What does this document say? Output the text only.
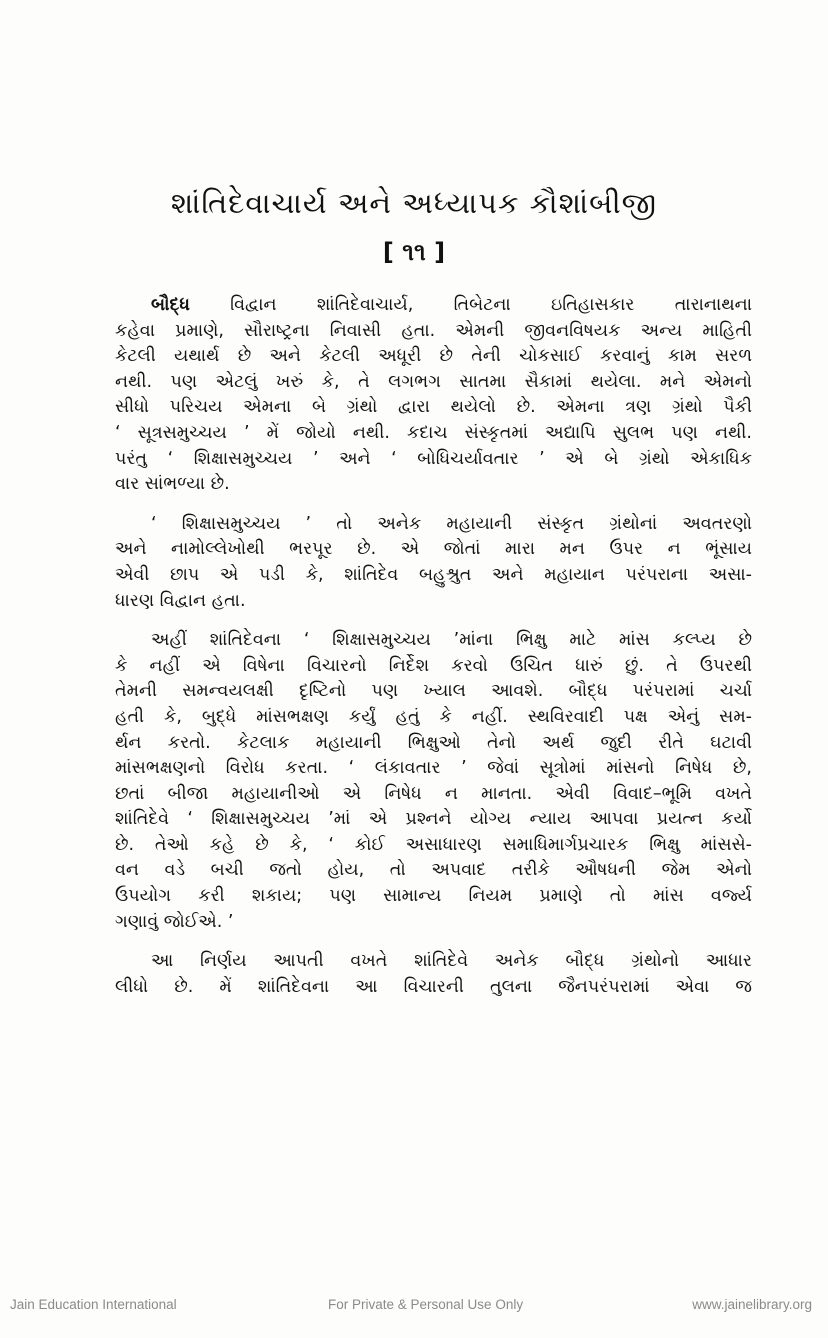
શાંતિદેવાચાર્ય અને અધ્યાપક કૌશાંબીજી
[ ૧૧ ]
બૌદ્ધ વિદ્વાન શાંતિદેવાચાર્ય, તિબેટના ઇતિહાસકાર તારાનાથના
કહેવા પ્રમાણે, સૌરાષ્ટ્રના નિવાસી હતા. એમની જીવનવિષયક અન્ય માહિતી
કેટલી યથાર્થ છે અને કેટલી અધૂરી છે તેની ચોકસાઈ કરવાનું કામ સરળ
નથી. પણ એટલું ખરું કે, તે લગભગ સાતમા સૈકામાં થયેલા. મને એમનો
સીધો પરિચય એમના બે ગ્રંથો દ્વારા થયેલો છે. એમના ત્રણ ગ્રંથો પૈકી
‘ સૂત્રસમુચ્ચય ’ મેં જોયો નથી. કદાચ સંસ્કૃતમાં અદ્યાપિ સુલભ પણ નથી.
પરંતુ ‘ શિક્ષાસમુચ્ચય ’ અને ‘ બોધિચર્યાવતાર ’ એ બે ગ્રંથો એકાધિક
વાર સાંભળ્યા છે.
‘ શિક્ષાસમુચ્ચય ’ તો અનેક મહાયાની સંસ્કૃત ગ્રંથોનાં અવતરણો
અને નામોલ્લેખોથી ભરપૂર છે. એ જોતાં મારા મન ઉપર ન ભૂંસાય
એવી છાપ એ પડી કે, શાંતિદેવ બહુશ્રુત અને મહાયાન પરંપરાના અસા-
ધારણ વિદ્વાન હતા.
અહીં શાંતિદેવના ‘ શિક્ષાસમુચ્ચય ’માંના ભિક્ષુ માટે માંસ કલ્પ્ય છે
કે નહીં એ વિષેના વિચારનો નિર્દેશ કરવો ઉચિત ધારું છું. તે ઉપરથી
તેમની સમન્વયલક્ષી દૃષ્ટિનો પણ ખ્યાલ આવશે. બૌદ્ધ પરંપરામાં ચર્ચા
હતી કે, બુદ્ધે માંસભક્ષણ કર્યું હતું કે નહીં. સ્થવિરવાદી પક્ષ એનું સમ-
ર્થન કરતો. કેટલાક મહાયાની ભિક્ષુઓ તેનો અર્થ જુદી રીતે ઘટાવી
માંસભક્ષણનો વિરોધ કરતા. ‘ લંકાવતાર ’ જેવાં સૂત્રોમાં માંસનો નિષેધ છે,
છતાં બીજા મહાયાનીઓ એ નિષેધ ન માનતા. એવી વિવાદ–ભૂમિ વખતે
શાંતિદેવે ‘ શિક્ષાસમુચ્ચય ’માં એ પ્રશ્નને યોગ્ય ન્યાય આપવા પ્રયત્ન કર્યો
છે. તેઓ કહે છે કે, ‘ કોઈ અસાધારણ સમાધિમાર્ગપ્રચારક ભિક્ષુ માંસસે-
વન વડે બચી જતો હોય, તો અપવાદ તરીકે ઔષધની જેમ એનો
ઉપયોગ કરી શકાય; પણ સામાન્ય નિયમ પ્રમાણે તો માંસ વર્જ્ય
ગણાવું જોઈએ. ’
આ નિર્ણય આપતી વખતે શાંતિદેવે અનેક બૌદ્ધ ગ્રંથોનો આધાર
લીધો છે. મેં શાંતિદેવના આ વિચારની તુલના જૈનપરંપરામાં એવા જ
Jain Education International	For Private & Personal Use Only	www.jainelibrary.org
